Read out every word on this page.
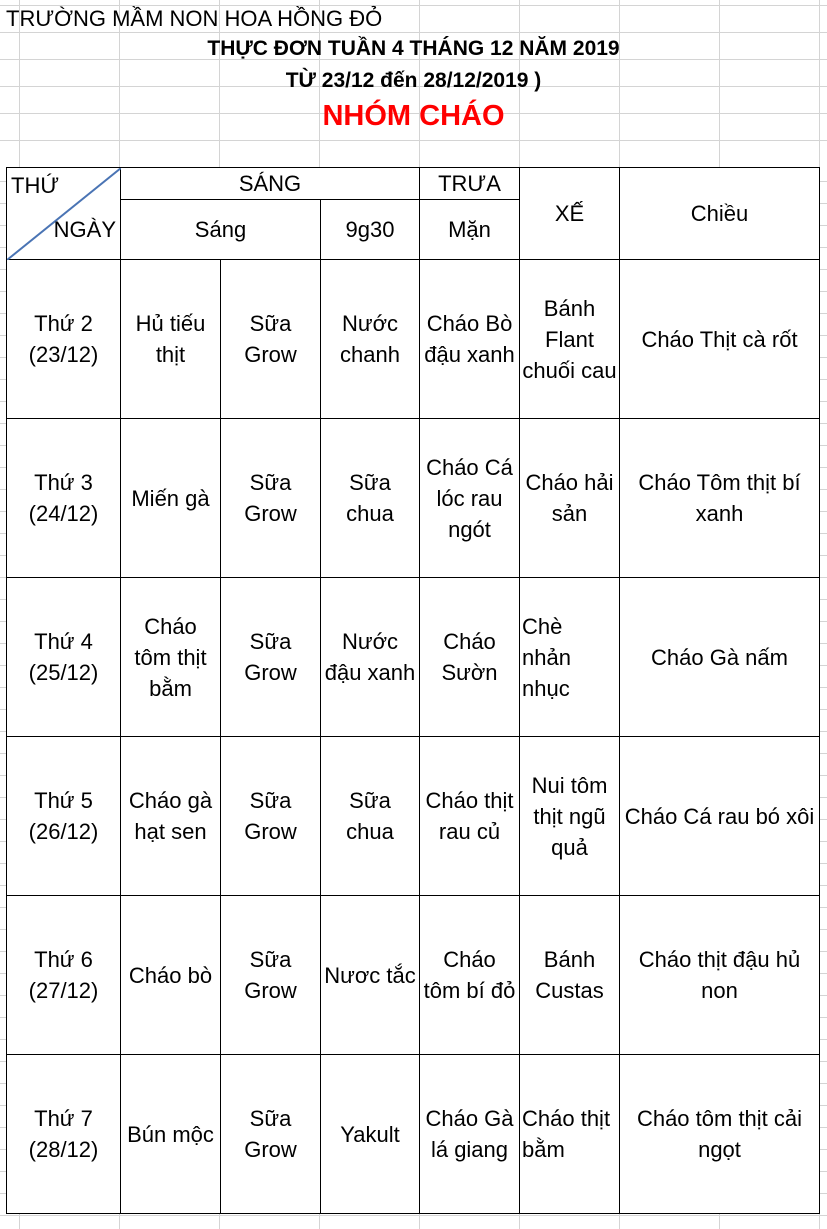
TRƯỜNG MẦM NON HOA HỒNG ĐỎ
THỰC ĐƠN TUẦN 4 THÁNG 12 NĂM 2019
TỪ 23/12 đến 28/12/2019 )
NHÓM CHÁO
THỨ
NGÀY	SÁNG			TRƯA	XẾ	Chiều
	Sáng		9g30	Mặn		
Thứ 2
(23/12)	Hủ tiếu thịt	Sữa Grow	Nước chanh	Cháo Bò đậu xanh	Bánh Flant chuối cau	Cháo Thịt cà rốt
Thứ 3
(24/12)	Miến gà	Sữa Grow	Sữa chua	Cháo Cá lóc rau ngót	Cháo hải sản	Cháo Tôm thịt bí xanh
Thứ 4
(25/12)	Cháo tôm thịt bằm	Sữa Grow	Nước đậu xanh	Cháo Sườn	Chè nhản nhục	Cháo Gà nấm
Thứ 5
(26/12)	Cháo gà hạt sen	Sữa Grow	Sữa chua	Cháo thịt rau củ	Nui tôm thịt ngũ quả	Cháo Cá rau bó xôi
Thứ 6
(27/12)	Cháo bò	Sữa Grow	Nươc tắc	Cháo tôm bí đỏ	Bánh Custas	Cháo thịt đậu hủ non
Thứ 7
(28/12)	Bún mộc	Sữa Grow	Yakult	Cháo Gà lá giang	Cháo thịt bằm	Cháo tôm thịt cải ngọt
